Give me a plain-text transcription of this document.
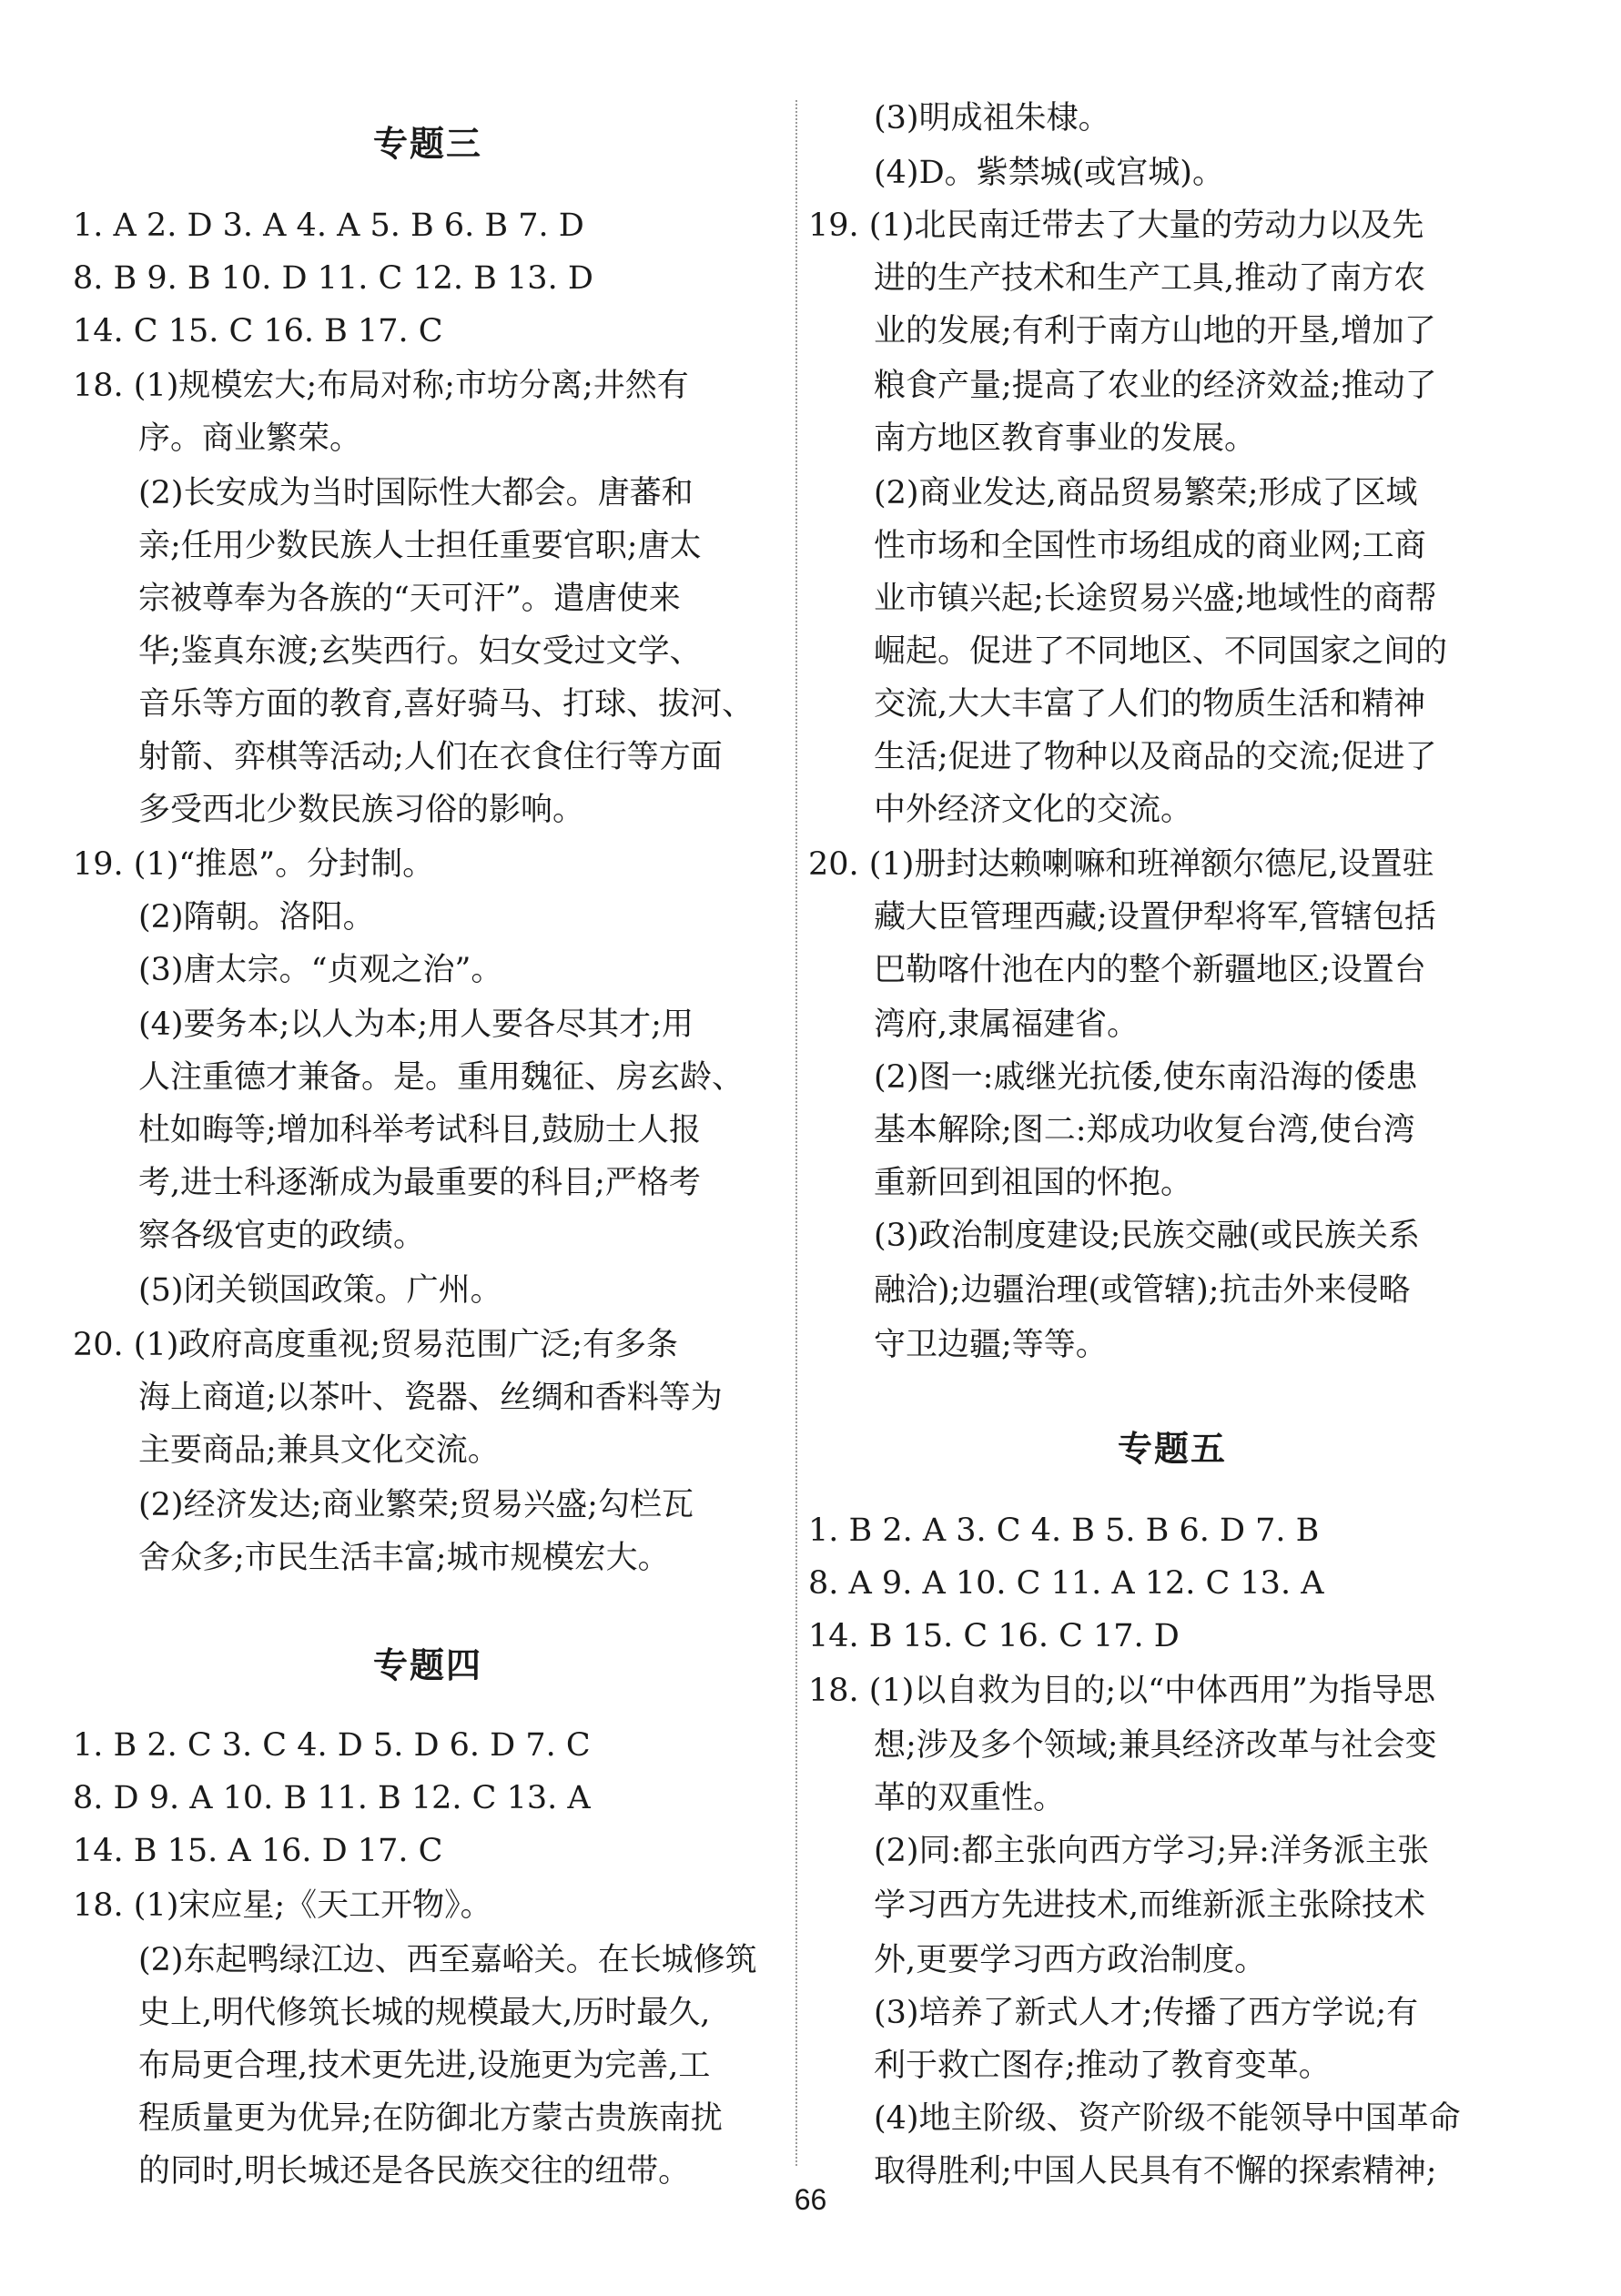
专题三
1. A 2. D 3. A 4. A 5. B 6. B 7. D
8. B 9. B 10. D 11. C 12. B 13. D
14. C 15. C 16. B 17. C
18. (1)规模宏大;布局对称;市坊分离;井然有
序。商业繁荣。
(2)长安成为当时国际性大都会。唐蕃和
亲;任用少数民族人士担任重要官职;唐太
宗被尊奉为各族的“天可汗”。遣唐使来
华;鉴真东渡;玄奘西行。妇女受过文学、
音乐等方面的教育,喜好骑马、打球、拔河、
射箭、弈棋等活动;人们在衣食住行等方面
多受西北少数民族习俗的影响。
19. (1)“推恩”。分封制。
(2)隋朝。洛阳。
(3)唐太宗。“贞观之治”。
(4)要务本;以人为本;用人要各尽其才;用
人注重德才兼备。是。重用魏征、房玄龄、
杜如晦等;增加科举考试科目,鼓励士人报
考,进士科逐渐成为最重要的科目;严格考
察各级官吏的政绩。
(5)闭关锁国政策。广州。
20. (1)政府高度重视;贸易范围广泛;有多条
海上商道;以茶叶、瓷器、丝绸和香料等为
主要商品;兼具文化交流。
(2)经济发达;商业繁荣;贸易兴盛;勾栏瓦
舍众多;市民生活丰富;城市规模宏大。
专题四
1. B 2. C 3. C 4. D 5. D 6. D 7. C
8. D 9. A 10. B 11. B 12. C 13. A
14. B 15. A 16. D 17. C
18. (1)宋应星;《天工开物》。
(2)东起鸭绿江边、西至嘉峪关。在长城修筑
史上,明代修筑长城的规模最大,历时最久,
布局更合理,技术更先进,设施更为完善,工
程质量更为优异;在防御北方蒙古贵族南扰
的同时,明长城还是各民族交往的纽带。
(3)明成祖朱棣。
(4)D。紫禁城(或宫城)。
19. (1)北民南迁带去了大量的劳动力以及先
进的生产技术和生产工具,推动了南方农
业的发展;有利于南方山地的开垦,增加了
粮食产量;提高了农业的经济效益;推动了
南方地区教育事业的发展。
(2)商业发达,商品贸易繁荣;形成了区域
性市场和全国性市场组成的商业网;工商
业市镇兴起;长途贸易兴盛;地域性的商帮
崛起。促进了不同地区、不同国家之间的
交流,大大丰富了人们的物质生活和精神
生活;促进了物种以及商品的交流;促进了
中外经济文化的交流。
20. (1)册封达赖喇嘛和班禅额尔德尼,设置驻
藏大臣管理西藏;设置伊犁将军,管辖包括
巴勒喀什池在内的整个新疆地区;设置台
湾府,隶属福建省。
(2)图一:戚继光抗倭,使东南沿海的倭患
基本解除;图二:郑成功收复台湾,使台湾
重新回到祖国的怀抱。
(3)政治制度建设;民族交融(或民族关系
融洽);边疆治理(或管辖);抗击外来侵略
守卫边疆;等等。
专题五
1. B 2. A 3. C 4. B 5. B 6. D 7. B
8. A 9. A 10. C 11. A 12. C 13. A
14. B 15. C 16. C 17. D
18. (1)以自救为目的;以“中体西用”为指导思
想;涉及多个领域;兼具经济改革与社会变
革的双重性。
(2)同:都主张向西方学习;异:洋务派主张
学习西方先进技术,而维新派主张除技术
外,更要学习西方政治制度。
(3)培养了新式人才;传播了西方学说;有
利于救亡图存;推动了教育变革。
(4)地主阶级、资产阶级不能领导中国革命
取得胜利;中国人民具有不懈的探索精神;
66
